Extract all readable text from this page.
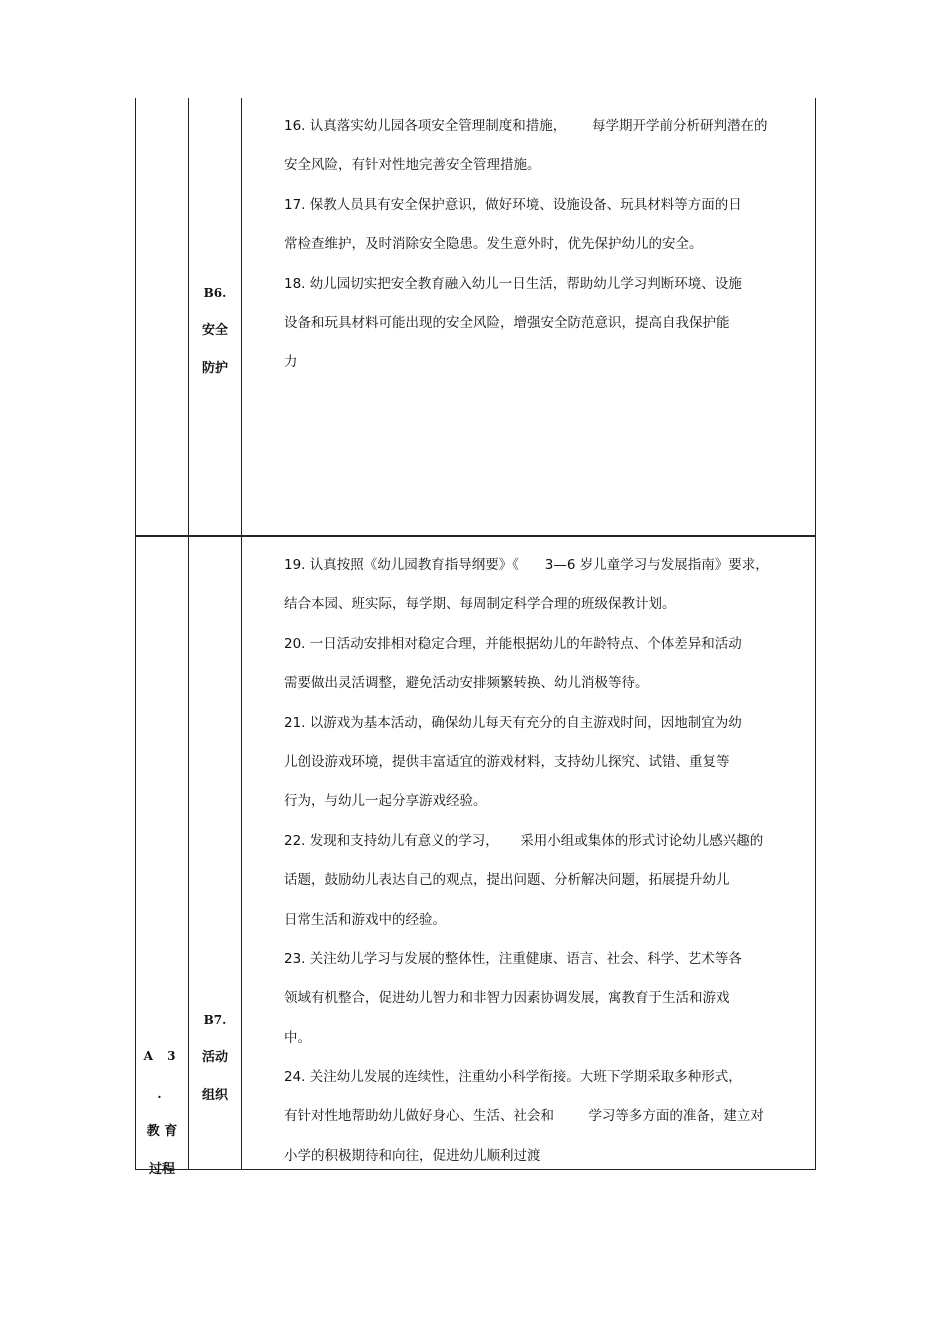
B6.
安全
防护
16. 认真落实幼儿园各项安全管理制度和措施，      每学期开学前分析研判潜在的
安全风险，有针对性地完善安全管理措施。
17. 保教人员具有安全保护意识，做好环境、设施设备、玩具材料等方面的日
常检查维护，及时消除安全隐患。发生意外时，优先保护幼儿的安全。
18. 幼儿园切实把安全教育融入幼儿一日生活，帮助幼儿学习判断环境、设施
设备和玩具材料可能出现的安全风险，增强安全防范意识，提高自我保护能
力
A 3 .
教 育
过程
B7.
活动
组织
19. 认真按照《幼儿园教育指导纲要》《      3—6 岁儿童学习与发展指南》要求，
结合本园、班实际，每学期、每周制定科学合理的班级保教计划。
20. 一日活动安排相对稳定合理，并能根据幼儿的年龄特点、个体差异和活动
需要做出灵活调整，避免活动安排频繁转换、幼儿消极等待。
21. 以游戏为基本活动，确保幼儿每天有充分的自主游戏时间，因地制宜为幼
儿创设游戏环境，提供丰富适宜的游戏材料，支持幼儿探究、试错、重复等
行为，与幼儿一起分享游戏经验。
22. 发现和支持幼儿有意义的学习，     采用小组或集体的形式讨论幼儿感兴趣的
话题，鼓励幼儿表达自己的观点，提出问题、分析解决问题，拓展提升幼儿
日常生活和游戏中的经验。
23. 关注幼儿学习与发展的整体性，注重健康、语言、社会、科学、艺术等各
领域有机整合，促进幼儿智力和非智力因素协调发展，寓教育于生活和游戏
中。
24. 关注幼儿发展的连续性，注重幼小科学衔接。大班下学期采取多种形式，
有针对性地帮助幼儿做好身心、生活、社会和        学习等多方面的准备，建立对
小学的积极期待和向往，促进幼儿顺利过渡
